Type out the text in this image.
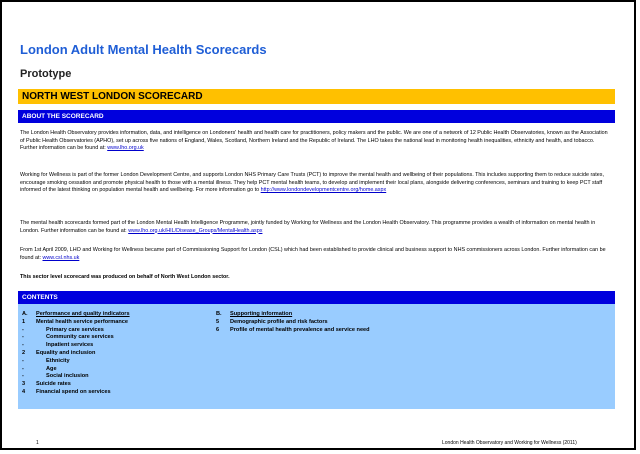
London Adult Mental Health Scorecards
Prototype
NORTH WEST LONDON SCORECARD
ABOUT THE SCORECARD
The London Health Observatory provides information, data, and intelligence on Londoners' health and health care for practitioners, policy makers and the public. We are one of a network of 12 Public Health Observatories, known as the Association of Public Health Observatories (APHO), set up across five nations of England, Wales, Scotland, Northern Ireland and the Republic of Ireland. The LHO takes the national lead in monitoring health inequalities, ethnicity and health, and tobacco. Further information can be found at: www.lho.org.uk
Working for Wellness is part of the former London Development Centre, and supports London NHS Primary Care Trusts (PCT) to improve the mental health and wellbeing of their populations. This includes supporting them to reduce suicide rates, encourage smoking cessation and promote physical health to those with a mental illness. They help PCT mental health teams, to develop and implement their local plans, alongside delivering conferences, seminars and training to keep PCT staff informed of the latest thinking on population mental health and wellbeing. For more information go to http://www.londondevelopmentcentre.org/home.aspx
The mental health scorecards formed part of the London Mental Health Intelligence Programme, jointly funded by Working for Wellness and the London Health Observatory. This programme provides a wealth of information on mental health in London. Further information can be found at: www.lho.org.uk/HIL/Disease_Groups/MentalHealth.aspx
From 1st April 2009, LHO and Working for Wellness became part of Commissioning Support for London (CSL) which had been established to provide clinical and business support to NHS commissioners across London. Further information can be found at: www.csl.nhs.uk
This sector level scorecard was produced on behalf of North West London sector.
CONTENTS
A.	Performance and quality indicators
1	Mental health service performance
-	Primary care services
-	Community care services
-	Inpatient services
2	Equality and inclusion
-	Ethnicity
-	Age
-	Social inclusion
3	Suicide rates
4	Financial spend on services
B.	Supporting information
5	Demographic profile and risk factors
6	Profile of mental health prevalence and service need
1	London Health Observatory and Working for Wellness (2011)
